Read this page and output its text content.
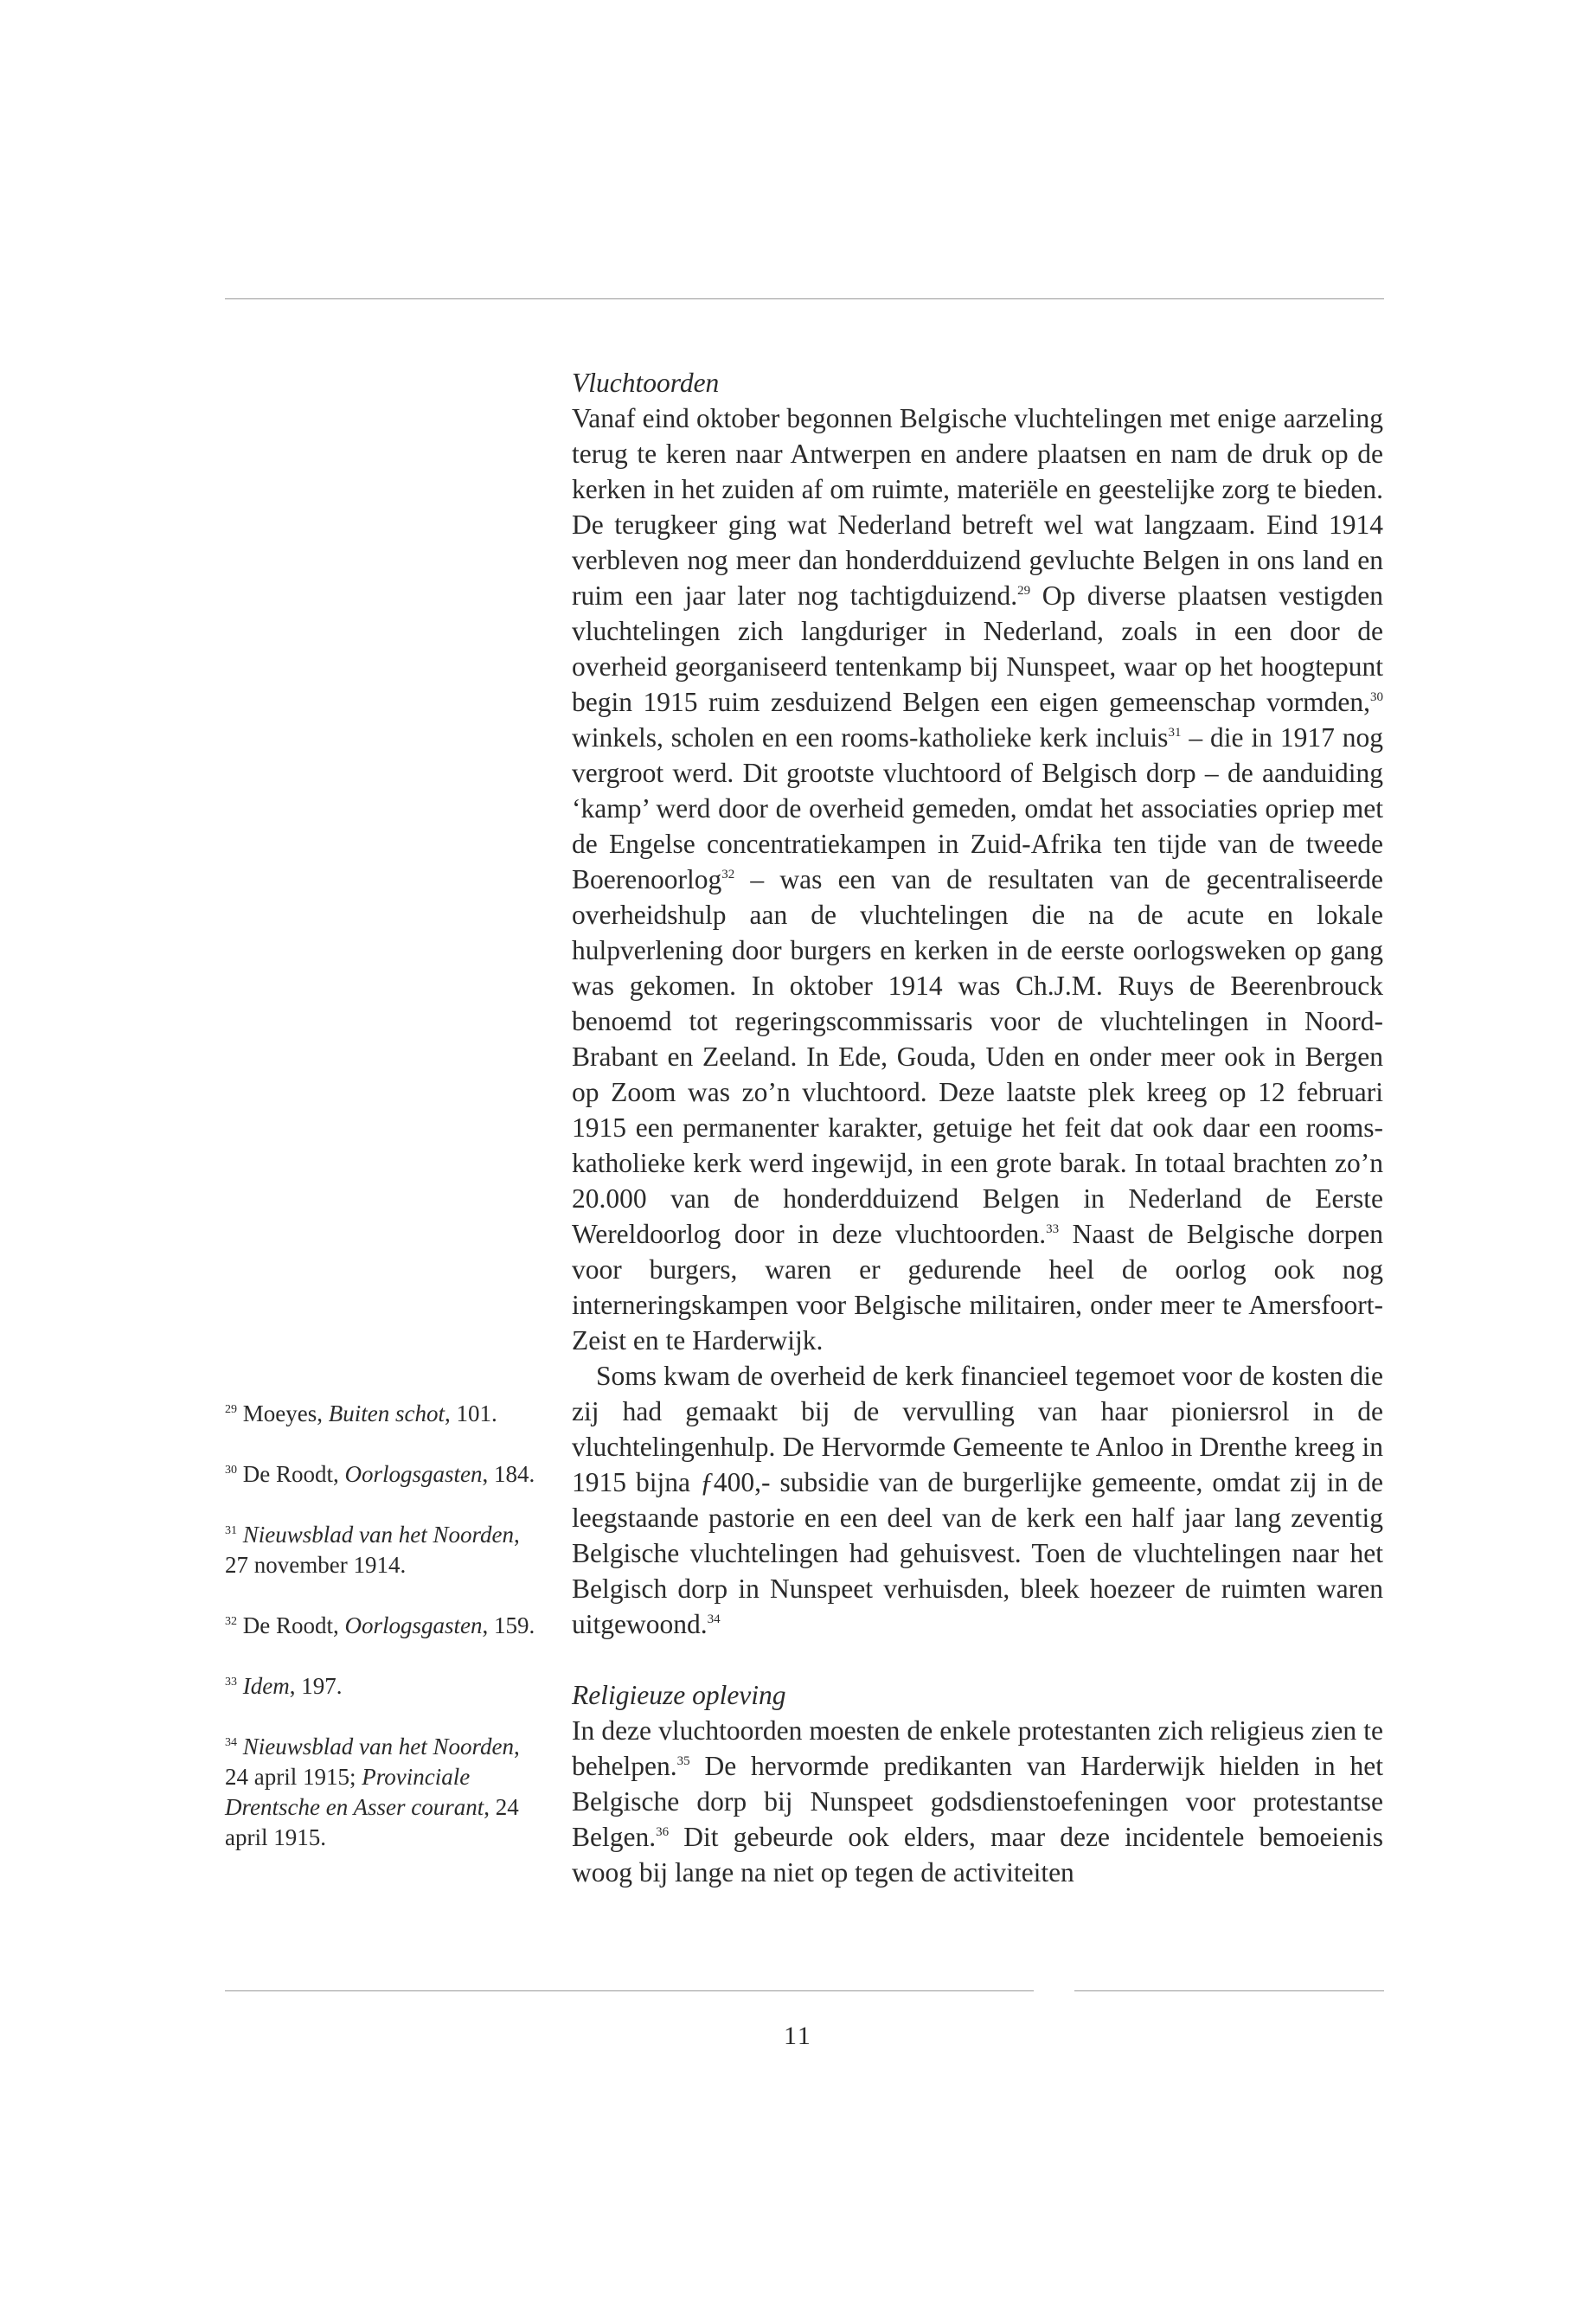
Vluchtoorden

Vanaf eind oktober begonnen Belgische vluchtelingen met enige aarzeling terug te keren naar Antwerpen en andere plaatsen en nam de druk op de kerken in het zuiden af om ruimte, materiële en geestelijke zorg te bieden. De terugkeer ging wat Nederland betreft wel wat langzaam. Eind 1914 verbleven nog meer dan honderdduizend gevluchte Belgen in ons land en ruim een jaar later nog tachtigduizend.$^{29}$ Op diverse plaatsen vestigden vluchtelingen zich langduriger in Nederland, zoals in een door de overheid georganiseerd tentenkamp bij Nunspeet, waar op het hoogtepunt begin 1915 ruim zesduizend Belgen een eigen gemeenschap vormden,$^{30}$ winkels, scholen en een rooms-katholieke kerk incluis$^{31}$ – die in 1917 nog vergroot werd. Dit grootste vluchtoord of Belgisch dorp – de aanduiding ‘kamp’ werd door de overheid gemeden, omdat het associaties opriep met de Engelse concentratiekampen in Zuid-Afrika ten tijde van de tweede Boerenoorlog$^{32}$ – was een van de resultaten van de gecentraliseerde overheidshulp aan de vluchtelingen die na de acute en lokale hulpverlening door burgers en kerken in de eerste oorlogsweken op gang was gekomen. In oktober 1914 was Ch.J.M. Ruys de Beerenbrouck benoemd tot regeringscommissaris voor de vluchtelingen in Noord-Brabant en Zeeland. In Ede, Gouda, Uden en onder meer ook in Bergen op Zoom was zo’n vluchtoord. Deze laatste plek kreeg op 12 februari 1915 een permanenter karakter, getuige het feit dat ook daar een rooms-katholieke kerk werd ingewijd, in een grote barak. In totaal brachten zo’n 20.000 van de honderdduizend Belgen in Nederland de Eerste Wereldoorlog door in deze vluchtoorden.$^{33}$ Naast de Belgische dorpen voor burgers, waren er gedurende heel de oorlog ook nog interneringskampen voor Belgische militairen, onder meer te Amersfoort-Zeist en te Harderwijk.

Soms kwam de overheid de kerk financieel tegemoet voor de kosten die zij had gemaakt bij de vervulling van haar pioniersrol in de vluchtelingenhulp. De Hervormde Gemeente te Anloo in Drenthe kreeg in 1915 bijna ƒ400,- subsidie van de burgerlijke gemeente, omdat zij in de leegstaande pastorie en een deel van de kerk een half jaar lang zeventig Belgische vluchtelingen had gehuisvest. Toen de vluchtelingen naar het Belgisch dorp in Nunspeet verhuisden, bleek hoezeer de ruimten waren uitgewoond.$^{34}$

Religieuze opleving

In deze vluchtoorden moesten de enkele protestanten zich religieus zien te behelpen.$^{35}$ De hervormde predikanten van Harderwijk hielden in het Belgische dorp bij Nunspeet godsdienstoefeningen voor protestantse Belgen.$^{36}$ Dit gebeurde ook elders, maar deze incidentele bemoeienis woog bij lange na niet op tegen de activiteiten

$^{29}$ Moeyes, Buiten schot, 101.

$^{30}$ De Roodt, Oorlogsgasten, 184.

$^{31}$ Nieuwsblad van het Noorden, 27 november 1914.

$^{32}$ De Roodt, Oorlogsgasten, 159.

$^{33}$ Idem, 197.

$^{34}$ Nieuwsblad van het Noorden, 24 april 1915; Provinciale Drentsche en Asser courant, 24 april 1915.

11
